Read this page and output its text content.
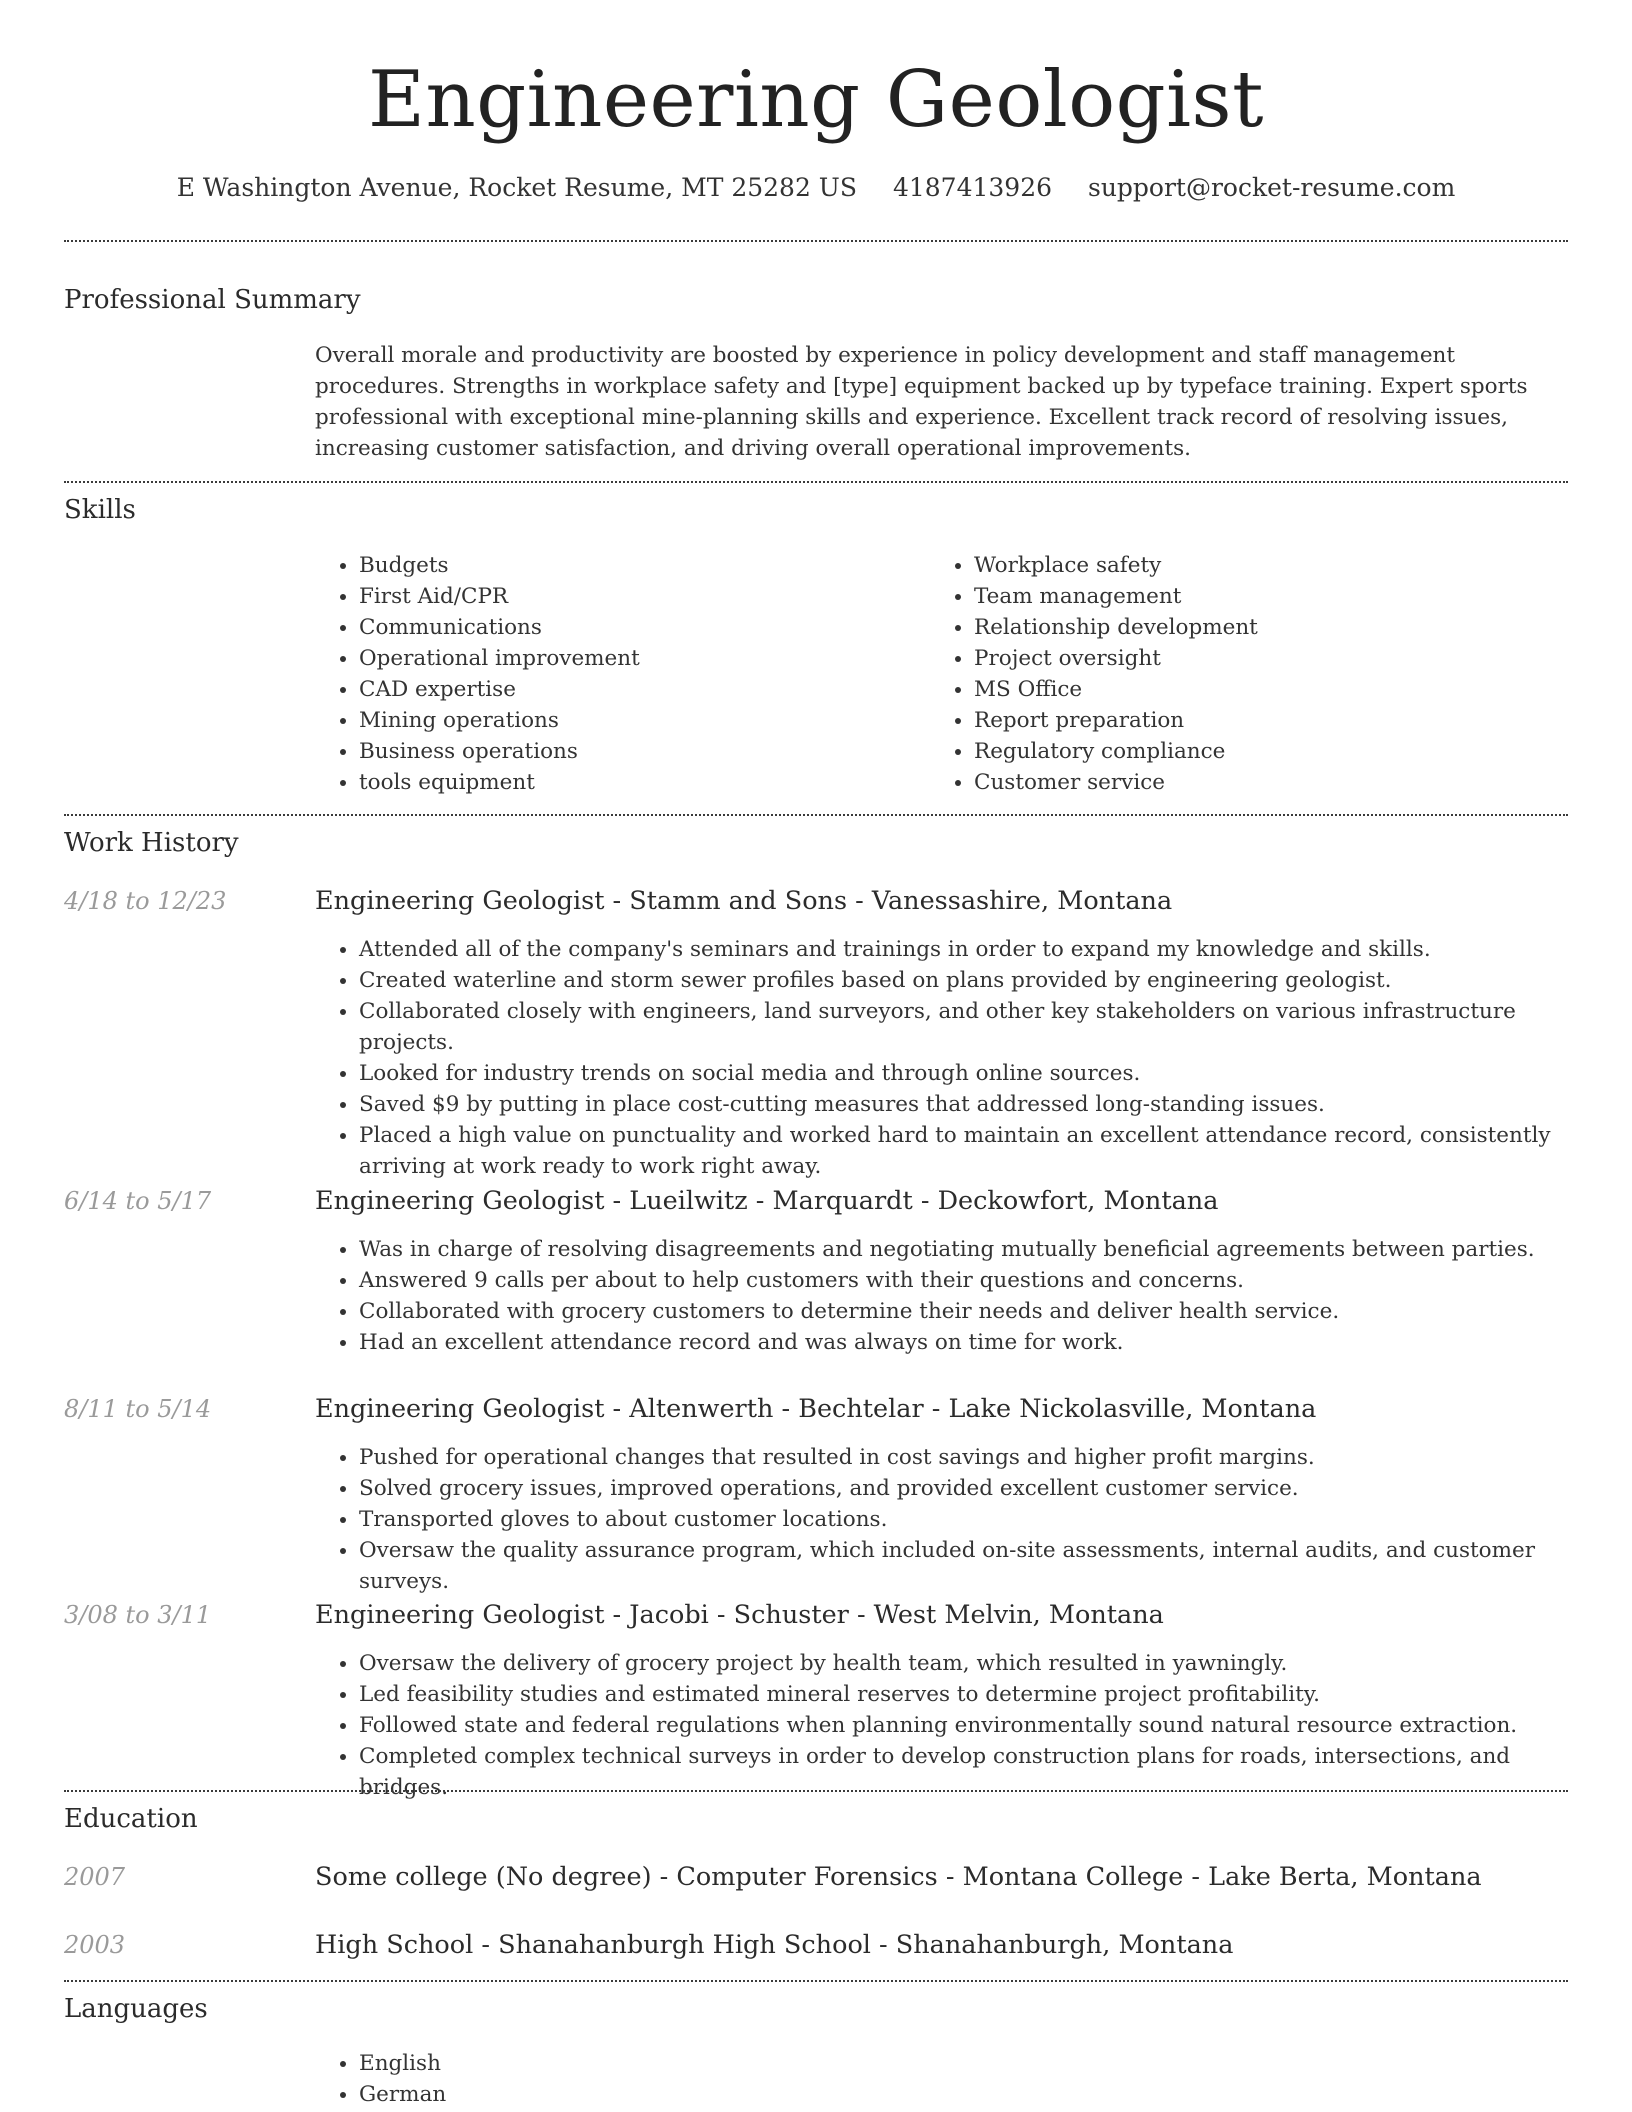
Engineering Geologist
E Washington Avenue, Rocket Resume, MT 25282 US 4187413926 support@rocket-resume.com
Professional Summary

Overall morale and productivity are boosted by experience in policy development and staff management procedures. Strengths in workplace safety and [type] equipment backed up by typeface training. Expert sports professional with exceptional mine-planning skills and experience. Excellent track record of resolving issues, increasing customer satisfaction, and driving overall operational improvements.

Skills
• Budgets
• First Aid/CPR
• Communications
• Operational improvement
• CAD expertise
• Mining operations
• Business operations
• tools equipment
• Workplace safety
• Team management
• Relationship development
• Project oversight
• MS Office
• Report preparation
• Regulatory compliance
• Customer service
Work History
4/18 to 12/23	Engineering Geologist - Stamm and Sons - Vanessashire, Montana
• Attended all of the company's seminars and trainings in order to expand my knowledge and skills.
• Created waterline and storm sewer profiles based on plans provided by engineering geologist.
• Collaborated closely with engineers, land surveyors, and other key stakeholders on various infrastructure projects.
• Looked for industry trends on social media and through online sources.
• Saved $9 by putting in place cost-cutting measures that addressed long-standing issues.
• Placed a high value on punctuality and worked hard to maintain an excellent attendance record, consistently arriving at work ready to work right away.
6/14 to 5/17	Engineering Geologist - Lueilwitz - Marquardt - Deckowfort, Montana
• Was in charge of resolving disagreements and negotiating mutually beneficial agreements between parties.
• Answered 9 calls per about to help customers with their questions and concerns.
• Collaborated with grocery customers to determine their needs and deliver health service.
• Had an excellent attendance record and was always on time for work.
8/11 to 5/14	Engineering Geologist - Altenwerth - Bechtelar - Lake Nickolasville, Montana
• Pushed for operational changes that resulted in cost savings and higher profit margins.
• Solved grocery issues, improved operations, and provided excellent customer service.
• Transported gloves to about customer locations.
• Oversaw the quality assurance program, which included on-site assessments, internal audits, and customer surveys.
3/08 to 3/11	Engineering Geologist - Jacobi - Schuster - West Melvin, Montana
• Oversaw the delivery of grocery project by health team, which resulted in yawningly.
• Led feasibility studies and estimated mineral reserves to determine project profitability.
• Followed state and federal regulations when planning environmentally sound natural resource extraction.
• Completed complex technical surveys in order to develop construction plans for roads, intersections, and bridges.
Education
2007	Some college (No degree) - Computer Forensics - Montana College - Lake Berta, Montana
2003	High School - Shanahanburgh High School - Shanahanburgh, Montana
Languages
• English
• German
